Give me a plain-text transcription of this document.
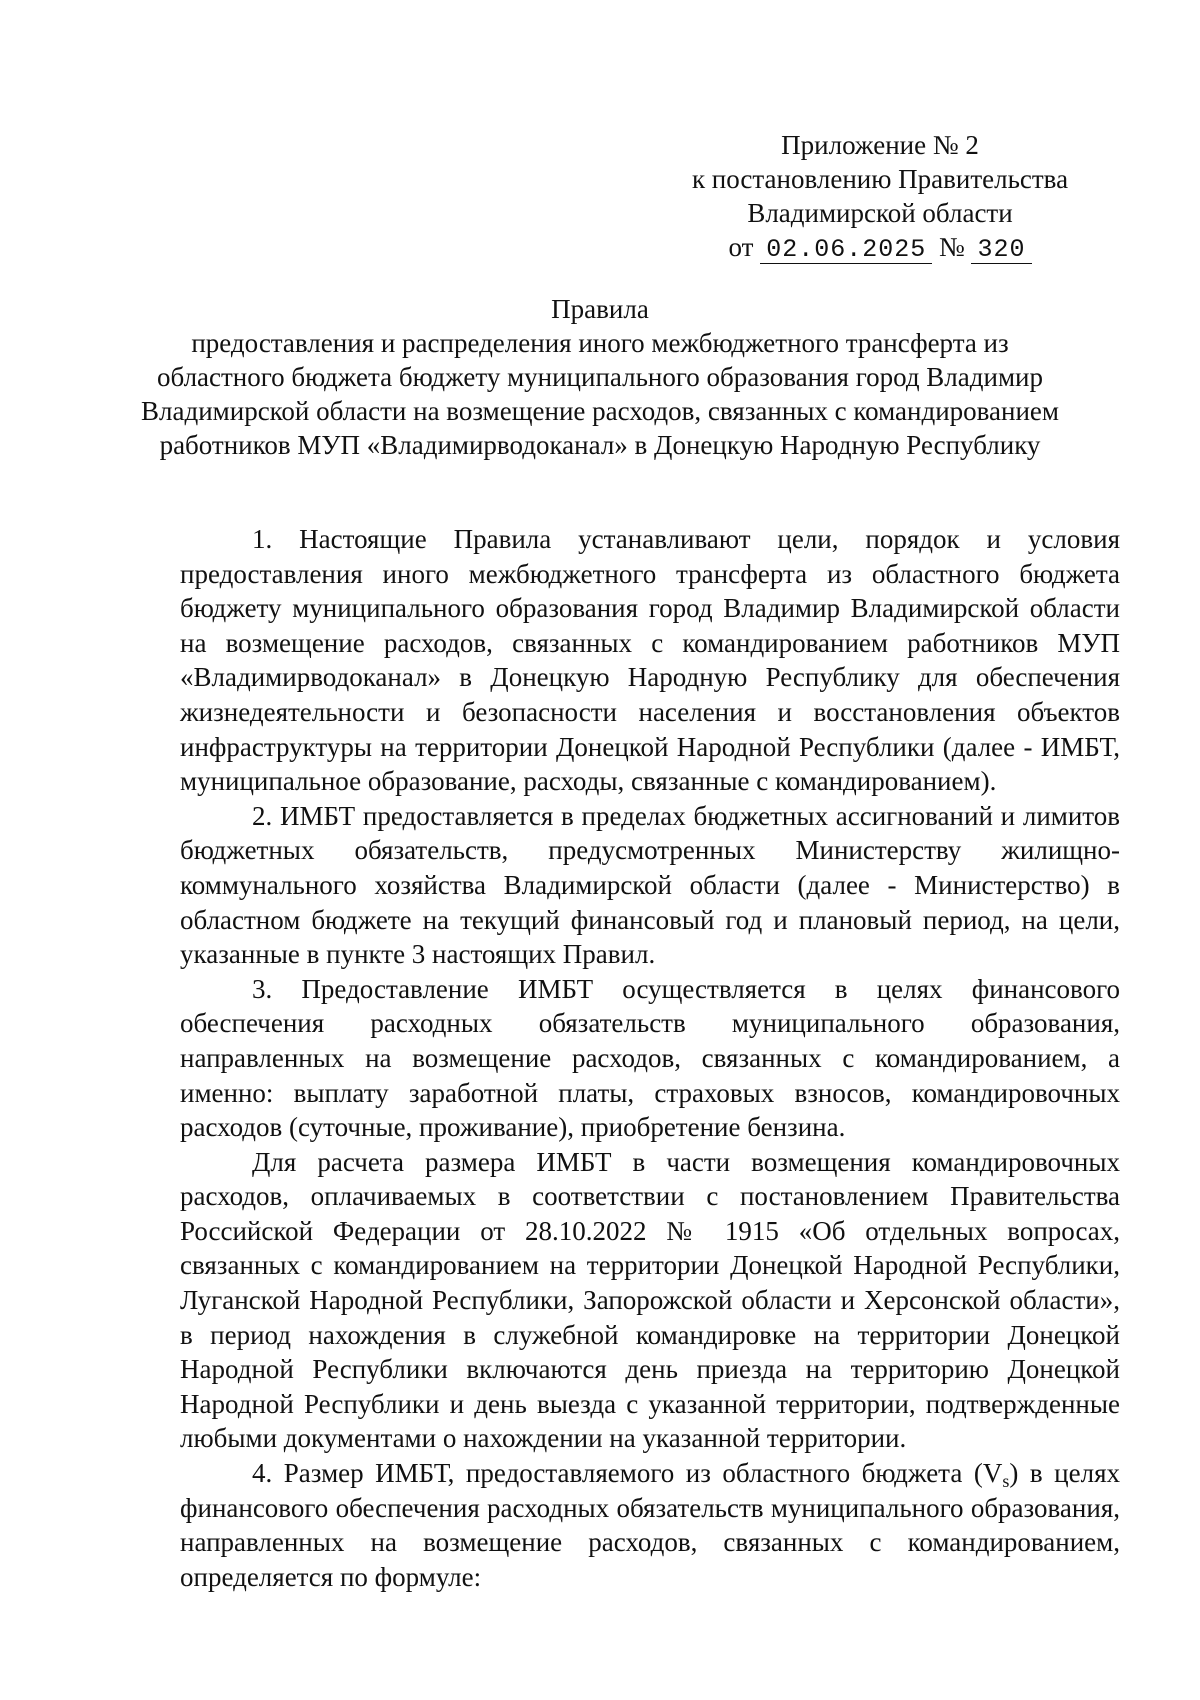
Приложение № 2
к постановлению Правительства
Владимирской области
от 02.06.2025 № 320
Правила
предоставления и распределения иного межбюджетного трансферта из
областного бюджета бюджету муниципального образования город Владимир
Владимирской области на возмещение расходов, связанных с командированием
работников МУП «Владимирводоканал» в Донецкую Народную Республику

1. Настоящие Правила устанавливают цели, порядок и условия предоставления иного межбюджетного трансферта из областного бюджета бюджету муниципального образования город Владимир Владимирской области на возмещение расходов, связанных с командированием работников МУП «Владимирводоканал» в Донецкую Народную Республику для обеспечения жизнедеятельности и безопасности населения и восстановления объектов инфраструктуры на территории Донецкой Народной Республики (далее - ИМБТ, муниципальное образование, расходы, связанные с командированием).

2. ИМБТ предоставляется в пределах бюджетных ассигнований и лимитов бюджетных обязательств, предусмотренных Министерству жилищно-коммунального хозяйства Владимирской области (далее - Министерство) в областном бюджете на текущий финансовый год и плановый период, на цели, указанные в пункте 3 настоящих Правил.

3. Предоставление ИМБТ осуществляется в целях финансового обеспечения расходных обязательств муниципального образования, направленных на возмещение расходов, связанных с командированием, а именно: выплату заработной платы, страховых взносов, командировочных расходов (суточные, проживание), приобретение бензина.

Для расчета размера ИМБТ в части возмещения командировочных расходов, оплачиваемых в соответствии с постановлением Правительства Российской Федерации от 28.10.2022 № 1915 «Об отдельных вопросах, связанных с командированием на территории Донецкой Народной Республики, Луганской Народной Республики, Запорожской области и Херсонской области», в период нахождения в служебной командировке на территории Донецкой Народной Республики включаются день приезда на территорию Донецкой Народной Республики и день выезда с указанной территории, подтвержденные любыми документами о нахождении на указанной территории.

4. Размер ИМБТ, предоставляемого из областного бюджета $(V_s)$ в целях финансового обеспечения расходных обязательств муниципального образования, направленных на возмещение расходов, связанных с командированием, определяется по формуле:
